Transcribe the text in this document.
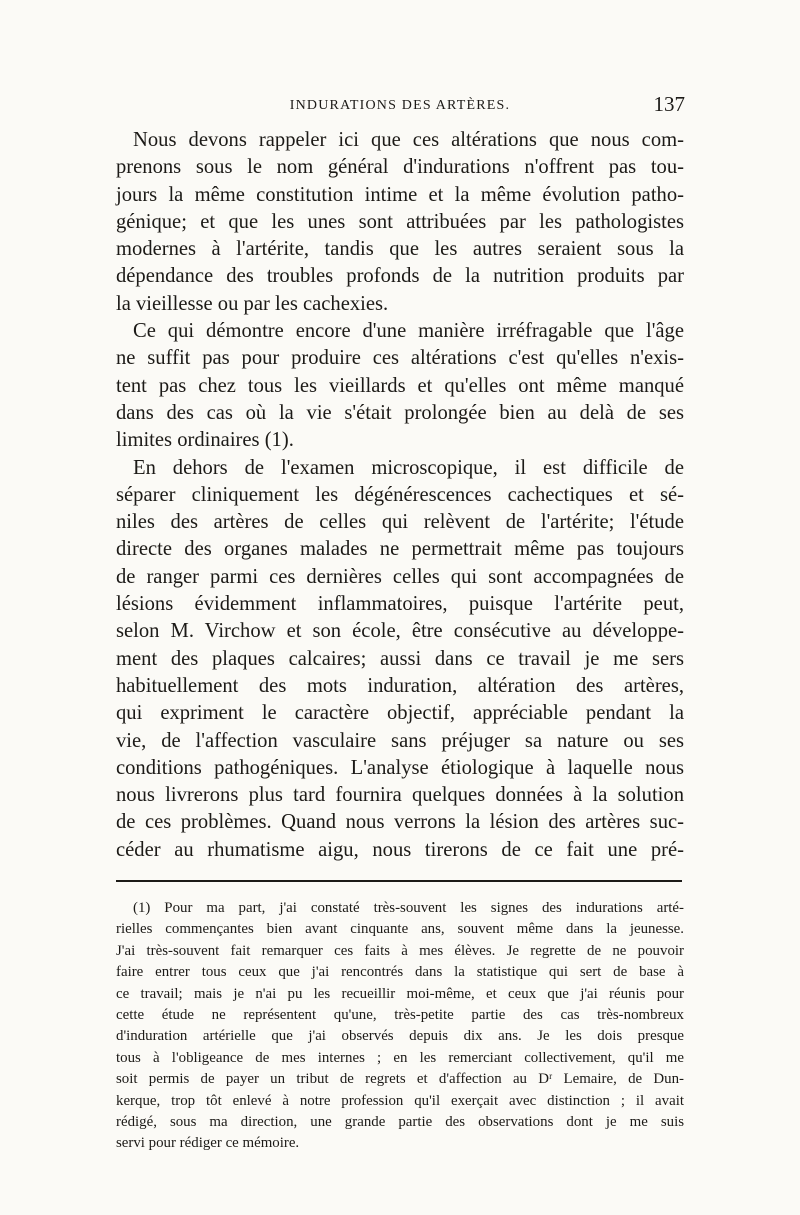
INDURATIONS DES ARTÈRES.	137
Nous devons rappeler ici que ces altérations que nous com-
prenons sous le nom général d'indurations n'offrent pas tou-
jours la même constitution intime et la même évolution patho-
génique; et que les unes sont attribuées par les pathologistes
modernes à l'artérite, tandis que les autres seraient sous la
dépendance des troubles profonds de la nutrition produits par
la vieillesse ou par les cachexies.
Ce qui démontre encore d'une manière irréfragable que l'âge
ne suffit pas pour produire ces altérations c'est qu'elles n'exis-
tent pas chez tous les vieillards et qu'elles ont même manqué
dans des cas où la vie s'était prolongée bien au delà de ses
limites ordinaires (1).
En dehors de l'examen microscopique, il est difficile de
séparer cliniquement les dégénérescences cachectiques et sé-
niles des artères de celles qui relèvent de l'artérite; l'étude
directe des organes malades ne permettrait même pas toujours
de ranger parmi ces dernières celles qui sont accompagnées de
lésions évidemment inflammatoires, puisque l'artérite peut,
selon M. Virchow et son école, être consécutive au développe-
ment des plaques calcaires; aussi dans ce travail je me sers
habituellement des mots induration, altération des artères,
qui expriment le caractère objectif, appréciable pendant la
vie, de l'affection vasculaire sans préjuger sa nature ou ses
conditions pathogéniques. L'analyse étiologique à laquelle nous
nous livrerons plus tard fournira quelques données à la solution
de ces problèmes. Quand nous verrons la lésion des artères suc-
céder au rhumatisme aigu, nous tirerons de ce fait une pré-
(1) Pour ma part, j'ai constaté très-souvent les signes des indurations arté-
rielles commençantes bien avant cinquante ans, souvent même dans la jeunesse.
J'ai très-souvent fait remarquer ces faits à mes élèves. Je regrette de ne pouvoir
faire entrer tous ceux que j'ai rencontrés dans la statistique qui sert de base à
ce travail; mais je n'ai pu les recueillir moi-même, et ceux que j'ai réunis pour
cette étude ne représentent qu'une, très-petite partie des cas très-nombreux
d'induration artérielle que j'ai observés depuis dix ans. Je les dois presque
tous à l'obligeance de mes internes ; en les remerciant collectivement, qu'il me
soit permis de payer un tribut de regrets et d'affection au Dʳ Lemaire, de Dun-
kerque, trop tôt enlevé à notre profession qu'il exerçait avec distinction ; il avait
rédigé, sous ma direction, une grande partie des observations dont je me suis
servi pour rédiger ce mémoire.
